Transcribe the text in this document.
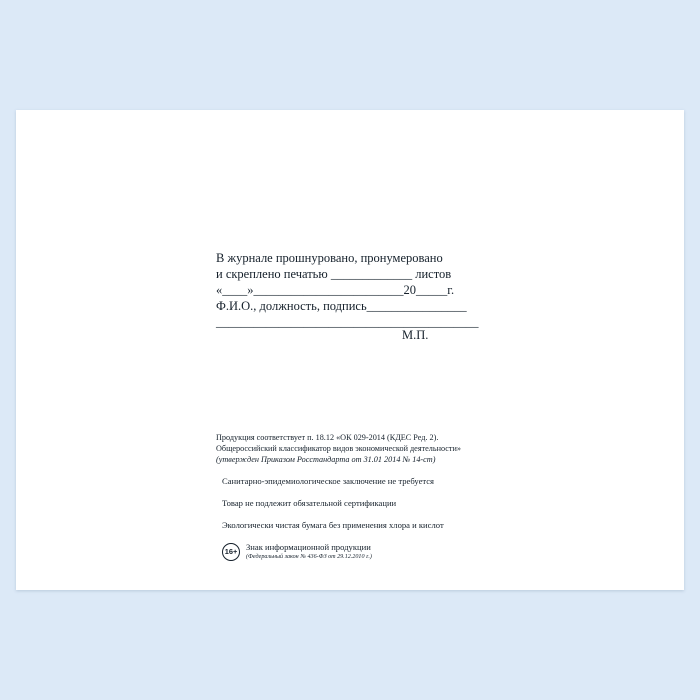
В журнале прошнуровано, пронумеровано
и скреплено печатью _____________ листов
«____»________________________20_____г.
Ф.И.О., должность, подпись________________
__________________________________________
М.П.
Продукция соответствует п. 18.12 «ОК 029-2014 (КДЕС Ред. 2).
Общероссийский классификатор видов экономической деятельности»
(утвержден Приказом Росстандарта от 31.01 2014 № 14-ст)
Санитарно-эпидемиологическое заключение не требуется
Товар не подлежит обязательной сертификации
Экологически чистая бумага без применения хлора и кислот
16+	Знак информационной продукции
(Федеральный закон № 436-ФЗ от 29.12.2010 г.)
